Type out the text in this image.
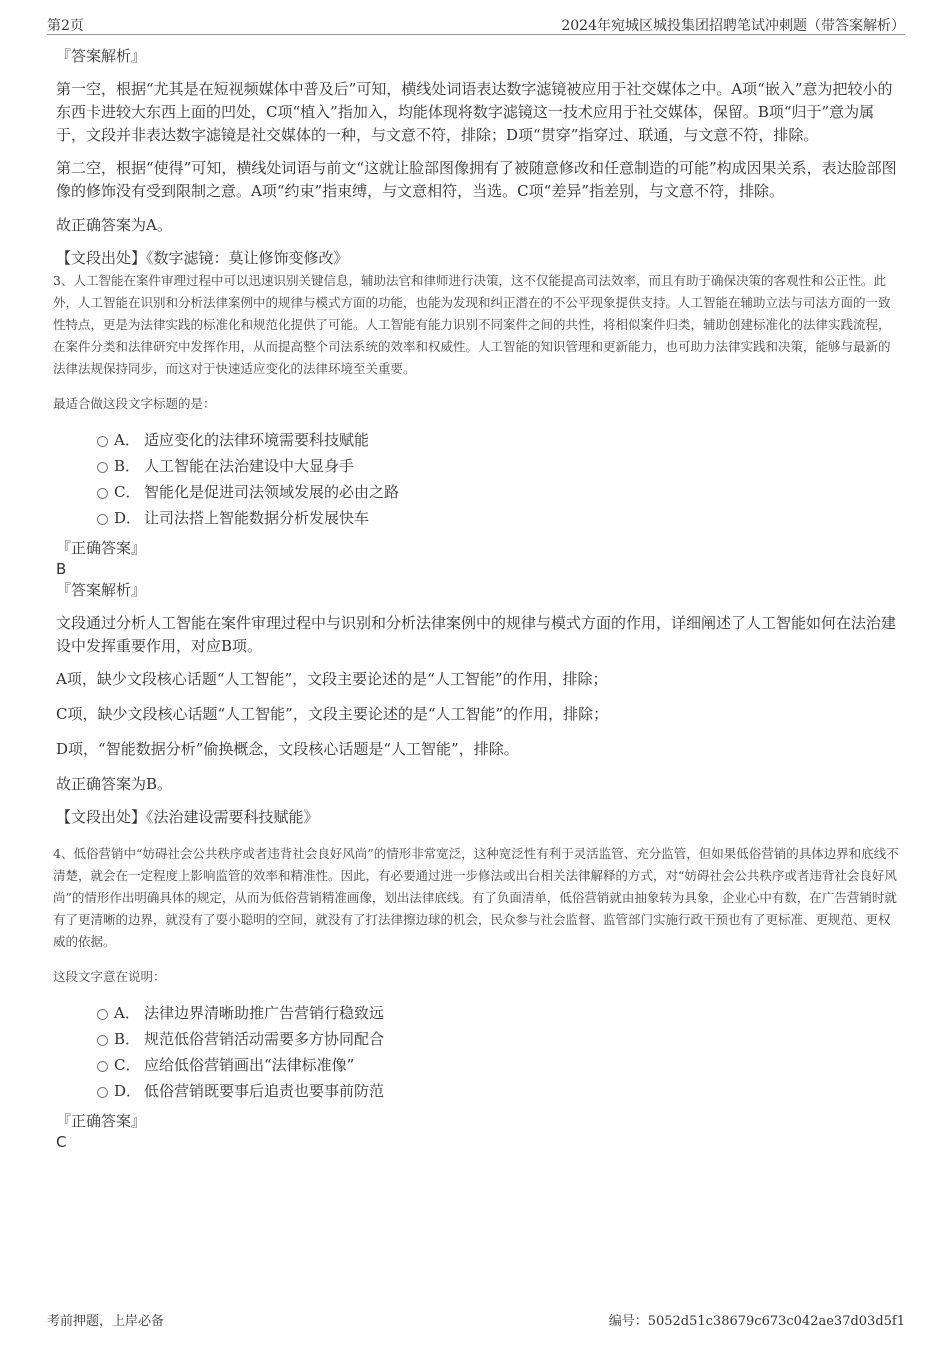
第2页	2024年宛城区城投集团招聘笔试冲刺题（带答案解析）

『答案解析』

第一空，根据“尤其是在短视频媒体中普及后”可知，横线处词语表达数字滤镜被应用于社交媒体之中。A项“嵌入”意为把较小的东西卡进较大东西上面的凹处，C项“植入”指加入，均能体现将数字滤镜这一技术应用于社交媒体，保留。B项“归于”意为属于，文段并非表达数字滤镜是社交媒体的一种，与文意不符，排除；D项“贯穿”指穿过、联通，与文意不符，排除。

第二空，根据“使得”可知，横线处词语与前文“这就让脸部图像拥有了被随意修改和任意制造的可能”构成因果关系，表达脸部图像的修饰没有受到限制之意。A项“约束”指束缚，与文意相符，当选。C项“差异”指差别，与文意不符，排除。

故正确答案为A。

【文段出处】《数字滤镜：莫让修饰变修改》

3、人工智能在案件审理过程中可以迅速识别关键信息，辅助法官和律师进行决策，这不仅能提高司法效率，而且有助于确保决策的客观性和公正性。此外，人工智能在识别和分析法律案例中的规律与模式方面的功能，也能为发现和纠正潜在的不公平现象提供支持。人工智能在辅助立法与司法方面的一致性特点，更是为法律实践的标准化和规范化提供了可能。人工智能有能力识别不同案件之间的共性，将相似案件归类，辅助创建标准化的法律实践流程，在案件分类和法律研究中发挥作用，从而提高整个司法系统的效率和权威性。人工智能的知识管理和更新能力，也可助力法律实践和决策，能够与最新的法律法规保持同步，而这对于快速适应变化的法律环境至关重要。

最适合做这段文字标题的是：

A． 适应变化的法律环境需要科技赋能
B． 人工智能在法治建设中大显身手
C． 智能化是促进司法领域发展的必由之路
D． 让司法搭上智能数据分析发展快车

『正确答案』

B

『答案解析』

文段通过分析人工智能在案件审理过程中与识别和分析法律案例中的规律与模式方面的作用，详细阐述了人工智能如何在法治建设中发挥重要作用，对应B项。

A项，缺少文段核心话题“人工智能”，文段主要论述的是“人工智能”的作用，排除；

C项，缺少文段核心话题“人工智能”，文段主要论述的是“人工智能”的作用，排除；

D项，“智能数据分析”偷换概念，文段核心话题是“人工智能”，排除。

故正确答案为B。

【文段出处】《法治建设需要科技赋能》

4、低俗营销中“妨碍社会公共秩序或者违背社会良好风尚”的情形非常宽泛，这种宽泛性有利于灵活监管、充分监管，但如果低俗营销的具体边界和底线不清楚，就会在一定程度上影响监管的效率和精准性。因此，有必要通过进一步修法或出台相关法律解释的方式，对“妨碍社会公共秩序或者违背社会良好风尚”的情形作出明确具体的规定，从而为低俗营销精准画像，划出法律底线。有了负面清单，低俗营销就由抽象转为具象，企业心中有数，在广告营销时就有了更清晰的边界，就没有了耍小聪明的空间，就没有了打法律擦边球的机会，民众参与社会监督、监管部门实施行政干预也有了更标准、更规范、更权威的依据。

这段文字意在说明：

A． 法律边界清晰助推广告营销行稳致远
B． 规范低俗营销活动需要多方协同配合
C． 应给低俗营销画出“法律标准像”
D． 低俗营销既要事后追责也要事前防范

『正确答案』

C

考前押题，上岸必备	编号：5052d51c38679c673c042ae37d03d5f1
